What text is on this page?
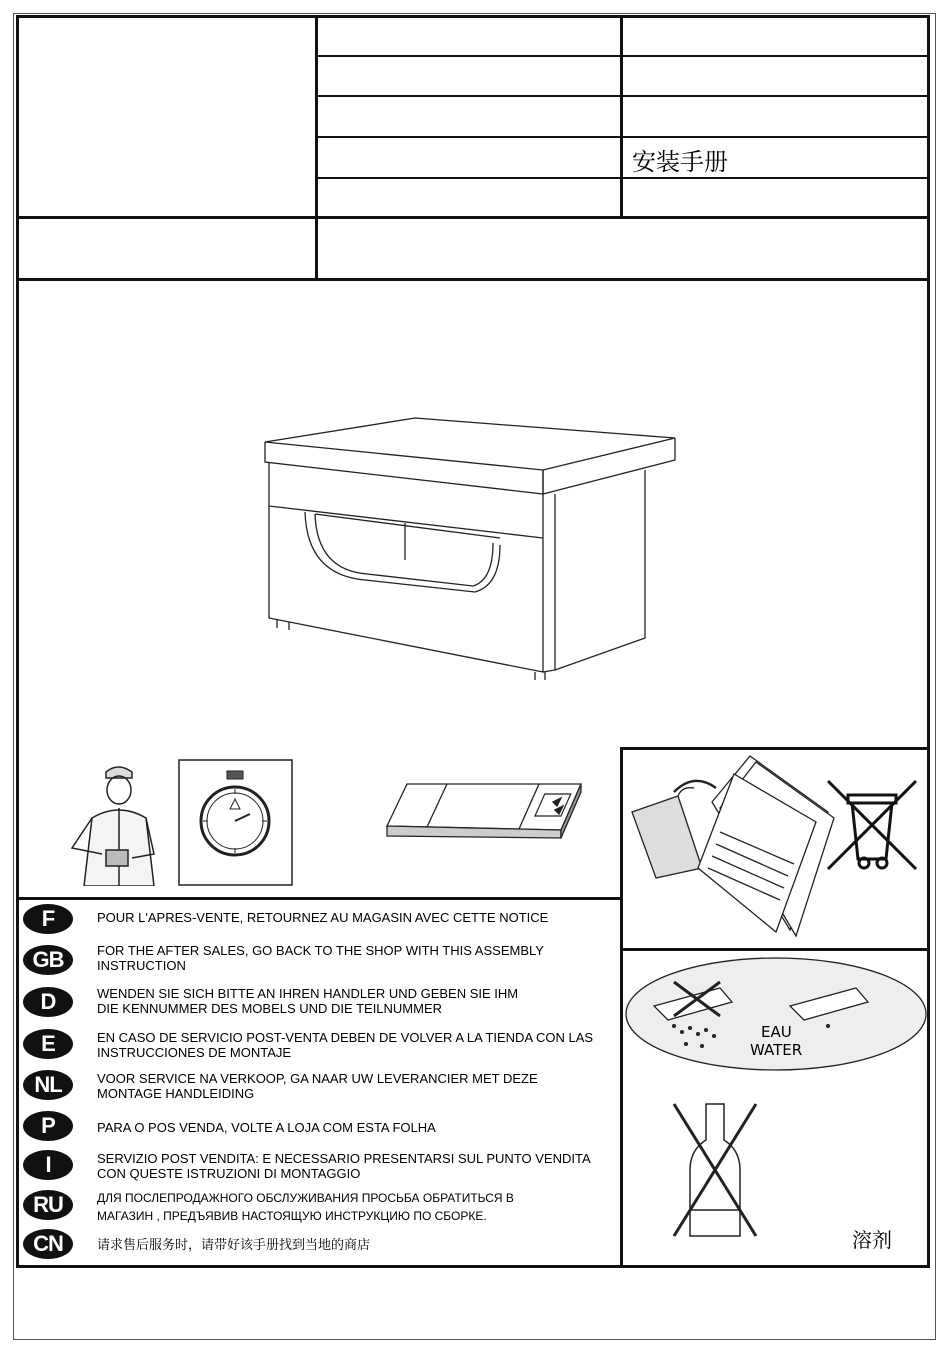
安装手册
EAU
WATER
溶剂
F	POUR L'APRES-VENTE, RETOURNEZ AU MAGASIN AVEC CETTE NOTICE
GB	FOR THE AFTER SALES, GO BACK TO THE SHOP WITH THIS ASSEMBLY
INSTRUCTION
D	WENDEN SIE SICH BITTE AN IHREN HANDLER UND GEBEN SIE IHM
DIE KENNUMMER DES MOBELS UND DIE TEILNUMMER
E	EN CASO DE SERVICIO POST-VENTA DEBEN DE VOLVER A LA TIENDA CON LAS
INSTRUCCIONES DE MONTAJE
NL	VOOR SERVICE NA VERKOOP, GA NAAR UW LEVERANCIER MET DEZE
MONTAGE HANDLEIDING
P	PARA O POS VENDA, VOLTE A LOJA COM ESTA FOLHA
I	SERVIZIO POST VENDITA: E NECESSARIO PRESENTARSI SUL PUNTO VENDITA
CON QUESTE ISTRUZIONI DI MONTAGGIO
RU	ДЛЯ ПОСЛЕПРОДАЖНОГО ОБСЛУЖИВАНИЯ ПРОСЬБА ОБРАТИТЬСЯ В
МАГАЗИН , ПРЕДЪЯВИВ НАСТОЯЩУЮ ИНСТРУКЦИЮ ПО СБОРКЕ.
CN	请求售后服务时，请带好该手册找到当地的商店
